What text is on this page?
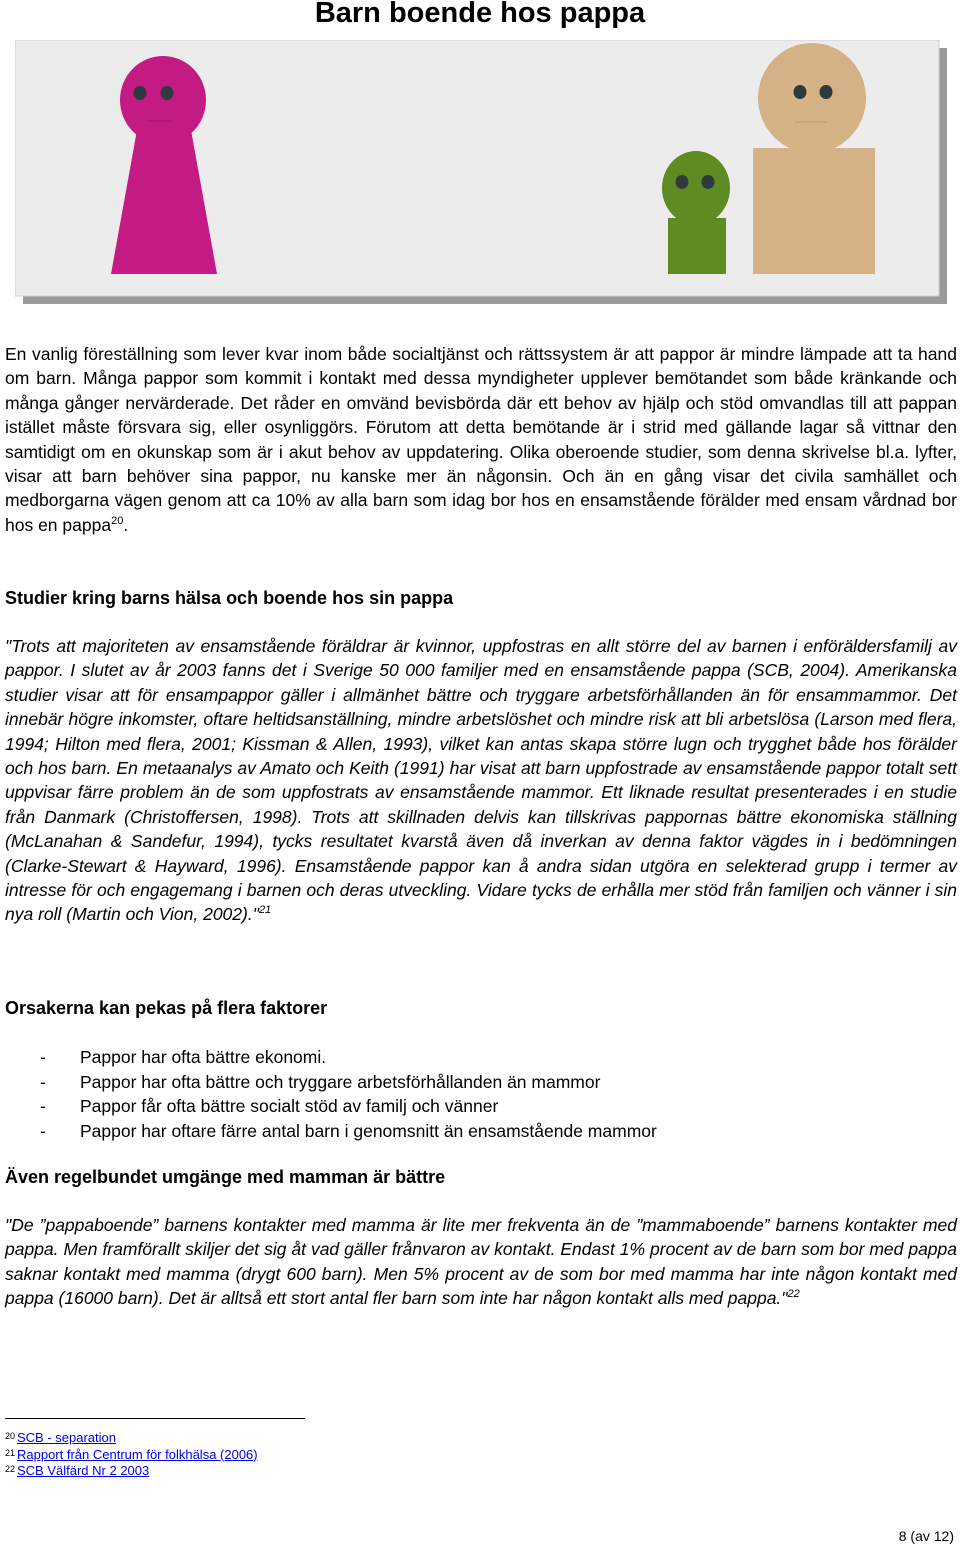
Barn boende hos pappa

En vanlig föreställning som lever kvar inom både socialtjänst och rättssystem är att pappor är mindre lämpade att ta hand om barn. Många pappor som kommit i kontakt med dessa myndigheter upplever bemötandet som både kränkande och många gånger nervärderade. Det råder en omvänd bevisbörda där ett behov av hjälp och stöd omvandlas till att pappan istället måste försvara sig, eller osynliggörs. Förutom att detta bemötande är i strid med gällande lagar så vittnar den samtidigt om en okunskap som är i akut behov av uppdatering. Olika oberoende studier, som denna skrivelse bl.a. lyfter, visar att barn behöver sina pappor, nu kanske mer än någonsin. Och än en gång visar det civila samhället och medborgarna vägen genom att ca 10% av alla barn som idag bor hos en ensamstående förälder med ensam vårdnad bor hos en pappa$^{20}$.

Studier kring barns hälsa och boende hos sin pappa

"Trots att majoriteten av ensamstående föräldrar är kvinnor, uppfostras en allt större del av barnen i enföräldersfamilj av pappor. I slutet av år 2003 fanns det i Sverige 50 000 familjer med en ensamstående pappa (SCB, 2004). Amerikanska studier visar att för ensampappor gäller i allmänhet bättre och tryggare arbetsförhållanden än för ensammammor. Det innebär högre inkomster, oftare heltidsanställning, mindre arbetslöshet och mindre risk att bli arbetslösa (Larson med flera, 1994; Hilton med flera, 2001; Kissman & Allen, 1993), vilket kan antas skapa större lugn och trygghet både hos förälder och hos barn. En metaanalys av Amato och Keith (1991) har visat att barn uppfostrade av ensamstående pappor totalt sett uppvisar färre problem än de som uppfostrats av ensamstående mammor. Ett liknade resultat presenterades i en studie från Danmark (Christoffersen, 1998). Trots att skillnaden delvis kan tillskrivas pappornas bättre ekonomiska ställning (McLanahan & Sandefur, 1994), tycks resultatet kvarstå även då inverkan av denna faktor vägdes in i bedömningen (Clarke-Stewart & Hayward, 1996). Ensamstående pappor kan å andra sidan utgöra en selekterad grupp i termer av intresse för och engagemang i barnen och deras utveckling. Vidare tycks de erhålla mer stöd från familjen och vänner i sin nya roll (Martin och Vion, 2002)."$^{21}$

Orsakerna kan pekas på flera faktorer
- Pappor har ofta bättre ekonomi.
- Pappor har ofta bättre och tryggare arbetsförhållanden än mammor
- Pappor får ofta bättre socialt stöd av familj och vänner
- Pappor har oftare färre antal barn i genomsnitt än ensamstående mammor
Även regelbundet umgänge med mamman är bättre

"De ”pappaboende” barnens kontakter med mamma är lite mer frekventa än de ”mammaboende” barnens kontakter med pappa. Men framförallt skiljer det sig åt vad gäller frånvaron av kontakt. Endast 1% procent av de barn som bor med pappa saknar kontakt med mamma (drygt 600 barn). Men 5% procent av de som bor med mamma har inte någon kontakt med pappa (16000 barn). Det är alltså ett stort antal fler barn som inte har någon kontakt alls med pappa."$^{22}$

20 SCB - separation
21 Rapport från Centrum för folkhälsa (2006)
22 SCB Välfärd Nr 2 2003
8 (av 12)
